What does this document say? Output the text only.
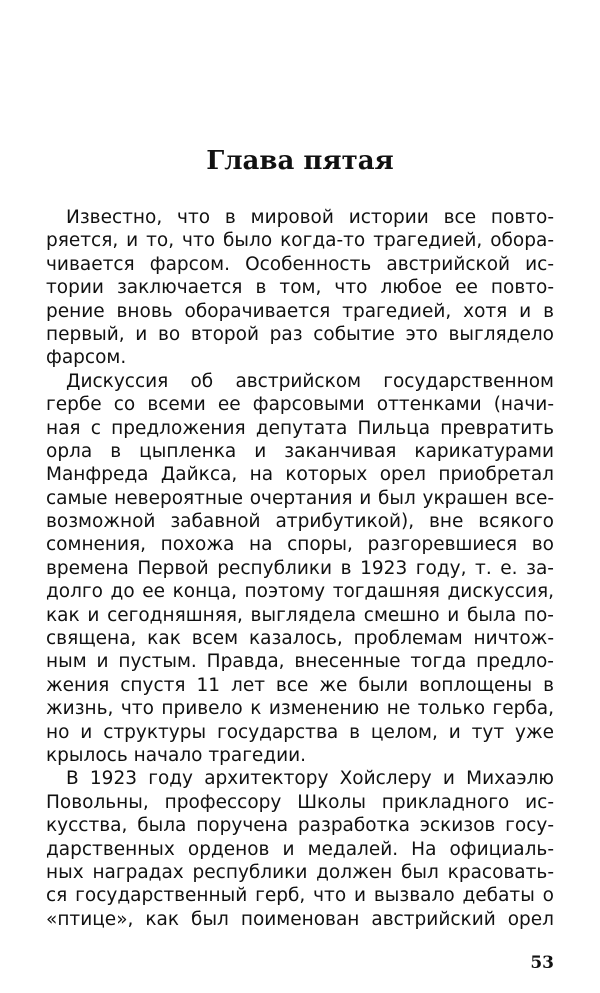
Глава пятая
Известно, что в мировой истории все повто-
ряется, и то, что было когда-то трагедией, обора-
чивается фарсом. Особенность австрийской ис-
тории заключается в том, что любое ее повто-
рение вновь оборачивается трагедией, хотя и в
первый, и во второй раз событие это выглядело
фарсом.
Дискуссия об австрийском государственном
гербе со всеми ее фарсовыми оттенками (начи-
ная с предложения депутата Пильца превратить
орла в цыпленка и заканчивая карикатурами
Манфреда Дайкса, на которых орел приобретал
самые невероятные очертания и был украшен все-
возможной забавной атрибутикой), вне всякого
сомнения, похожа на споры, разгоревшиеся во
времена Первой республики в 1923 году, т. е. за-
долго до ее конца, поэтому тогдашняя дискуссия,
как и сегодняшняя, выглядела смешно и была по-
священа, как всем казалось, проблемам ничтож-
ным и пустым. Правда, внесенные тогда предло-
жения спустя 11 лет все же были воплощены в
жизнь, что привело к изменению не только герба,
но и структуры государства в целом, и тут уже
крылось начало трагедии.
В 1923 году архитектору Хойслеру и Михаэлю
Повольны, профессору Школы прикладного ис-
кусства, была поручена разработка эскизов госу-
дарственных орденов и медалей. На официаль-
ных наградах республики должен был красовать-
ся государственный герб, что и вызвало дебаты о
«птице», как был поименован австрийский орел
53
